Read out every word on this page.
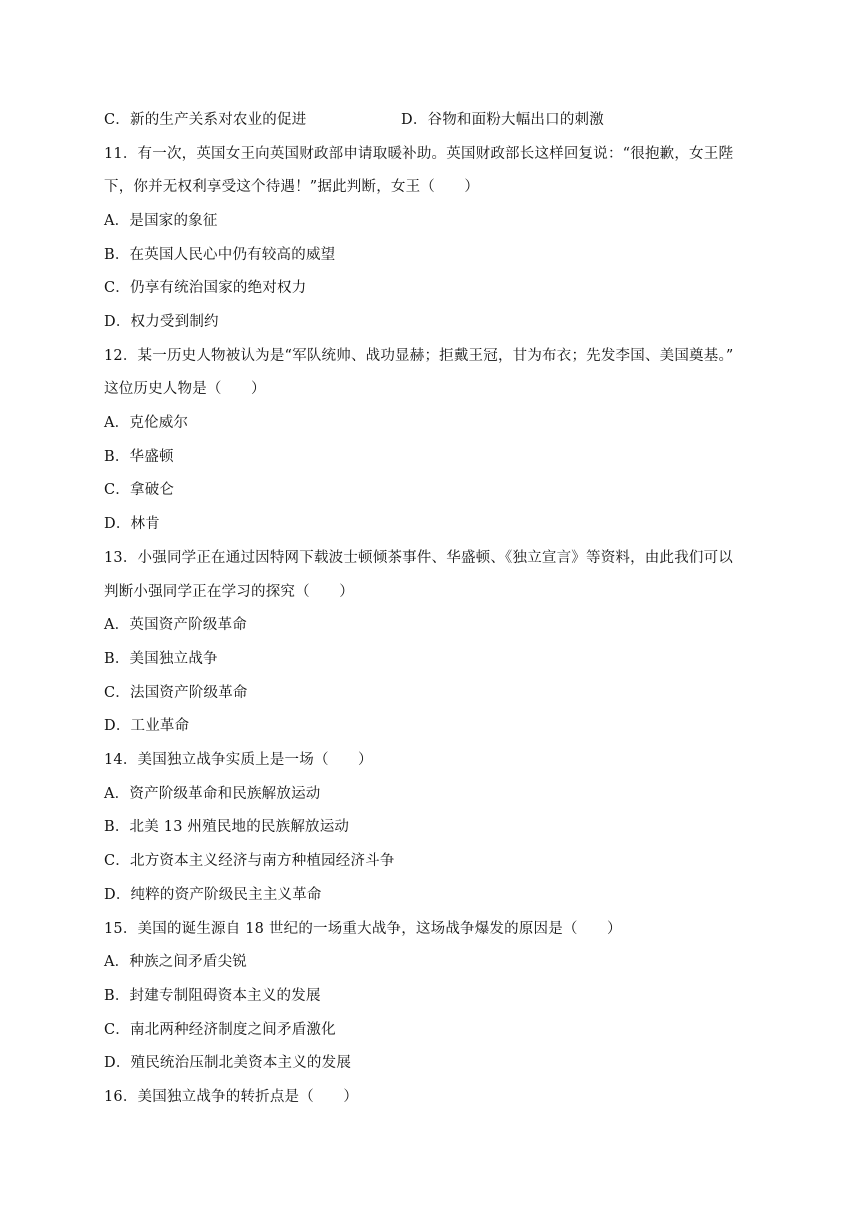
C．新的生产关系对农业的促进	D．谷物和面粉大幅出口的刺激
11．有一次，英国女王向英国财政部申请取暖补助。英国财政部长这样回复说：“很抱歉，女王陛
下，你并无权利享受这个待遇！”据此判断，女王（　　）
A．是国家的象征
B．在英国人民心中仍有较高的威望
C．仍享有统治国家的绝对权力
D．权力受到制约
12．某一历史人物被认为是“军队统帅、战功显赫；拒戴王冠，甘为布衣；先发李国、美国奠基。”
这位历史人物是（　　）
A．克伦威尔
B．华盛顿
C．拿破仑
D．林肯
13．小强同学正在通过因特网下载波士顿倾茶事件、华盛顿、《独立宣言》等资料，由此我们可以
判断小强同学正在学习的探究（　　）
A．英国资产阶级革命
B．美国独立战争
C．法国资产阶级革命
D．工业革命
14．美国独立战争实质上是一场（　　）
A．资产阶级革命和民族解放运动
B．北美 13 州殖民地的民族解放运动
C．北方资本主义经济与南方种植园经济斗争
D．纯粹的资产阶级民主主义革命
15．美国的诞生源自 18 世纪的一场重大战争，这场战争爆发的原因是（　　）
A．种族之间矛盾尖锐
B．封建专制阻碍资本主义的发展
C．南北两种经济制度之间矛盾激化
D．殖民统治压制北美资本主义的发展
16．美国独立战争的转折点是（　　）
